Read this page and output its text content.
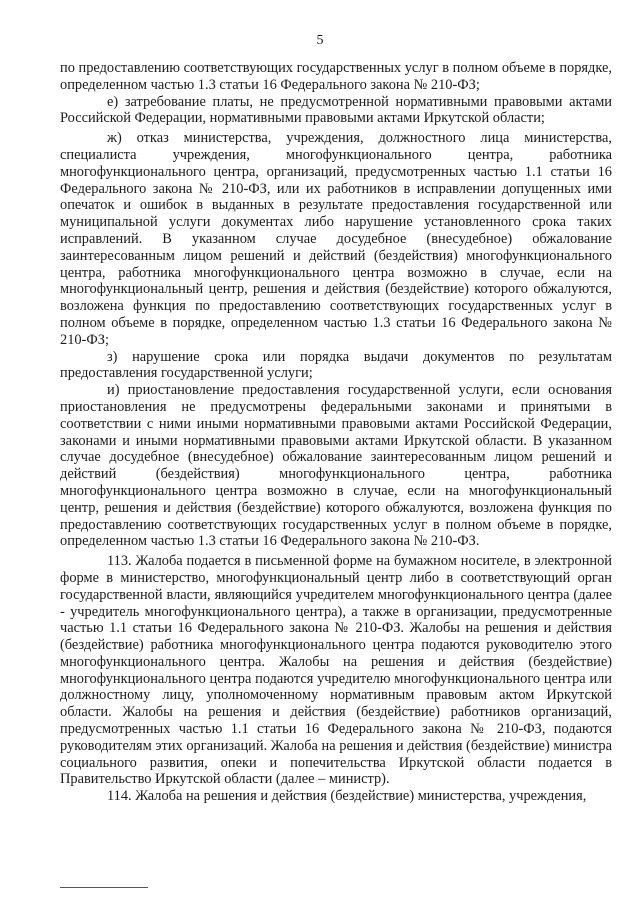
5

по предоставлению соответствующих государственных услуг в полном объеме в порядке, определенном частью 1.3 статьи 16 Федерального закона № 210-ФЗ;

е) затребование платы, не предусмотренной нормативными правовыми актами Российской Федерации, нормативными правовыми актами Иркутской области;

ж) отказ министерства, учреждения, должностного лица министерства, специалиста учреждения, многофункционального центра, работника многофункционального центра, организаций, предусмотренных частью 1.1 статьи 16 Федерального закона № 210-ФЗ, или их работников в исправлении допущенных ими опечаток и ошибок в выданных в результате предоставления государственной или муниципальной услуги документах либо нарушение установленного срока таких исправлений. В указанном случае досудебное (внесудебное) обжалование заинтересованным лицом решений и действий (бездействия) многофункционального центра, работника многофункционального центра возможно в случае, если на многофункциональный центр, решения и действия (бездействие) которого обжалуются, возложена функция по предоставлению соответствующих государственных услуг в полном объеме в порядке, определенном частью 1.3 статьи 16 Федерального закона № 210-ФЗ;

з) нарушение срока или порядка выдачи документов по результатам предоставления государственной услуги;

и) приостановление предоставления государственной услуги, если основания приостановления не предусмотрены федеральными законами и принятыми в соответствии с ними иными нормативными правовыми актами Российской Федерации, законами и иными нормативными правовыми актами Иркутской области. В указанном случае досудебное (внесудебное) обжалование заинтересованным лицом решений и действий (бездействия) многофункционального центра, работника многофункционального центра возможно в случае, если на многофункциональный центр, решения и действия (бездействие) которого обжалуются, возложена функция по предоставлению соответствующих государственных услуг в полном объеме в порядке, определенном частью 1.3 статьи 16 Федерального закона № 210-ФЗ.

113. Жалоба подается в письменной форме на бумажном носителе, в электронной форме в министерство, многофункциональный центр либо в соответствующий орган государственной власти, являющийся учредителем многофункционального центра (далее - учредитель многофункционального центра), а также в организации, предусмотренные частью 1.1 статьи 16 Федерального закона № 210-ФЗ. Жалобы на решения и действия (бездействие) работника многофункционального центра подаются руководителю этого многофункционального центра. Жалобы на решения и действия (бездействие) многофункционального центра подаются учредителю многофункционального центра или должностному лицу, уполномоченному нормативным правовым актом Иркутской области. Жалобы на решения и действия (бездействие) работников организаций, предусмотренных частью 1.1 статьи 16 Федерального закона № 210-ФЗ, подаются руководителям этих организаций. Жалоба на решения и действия (бездействие) министра социального развития, опеки и попечительства Иркутской области подается в Правительство Иркутской области (далее – министр).

114. Жалоба на решения и действия (бездействие) министерства, учреждения,
